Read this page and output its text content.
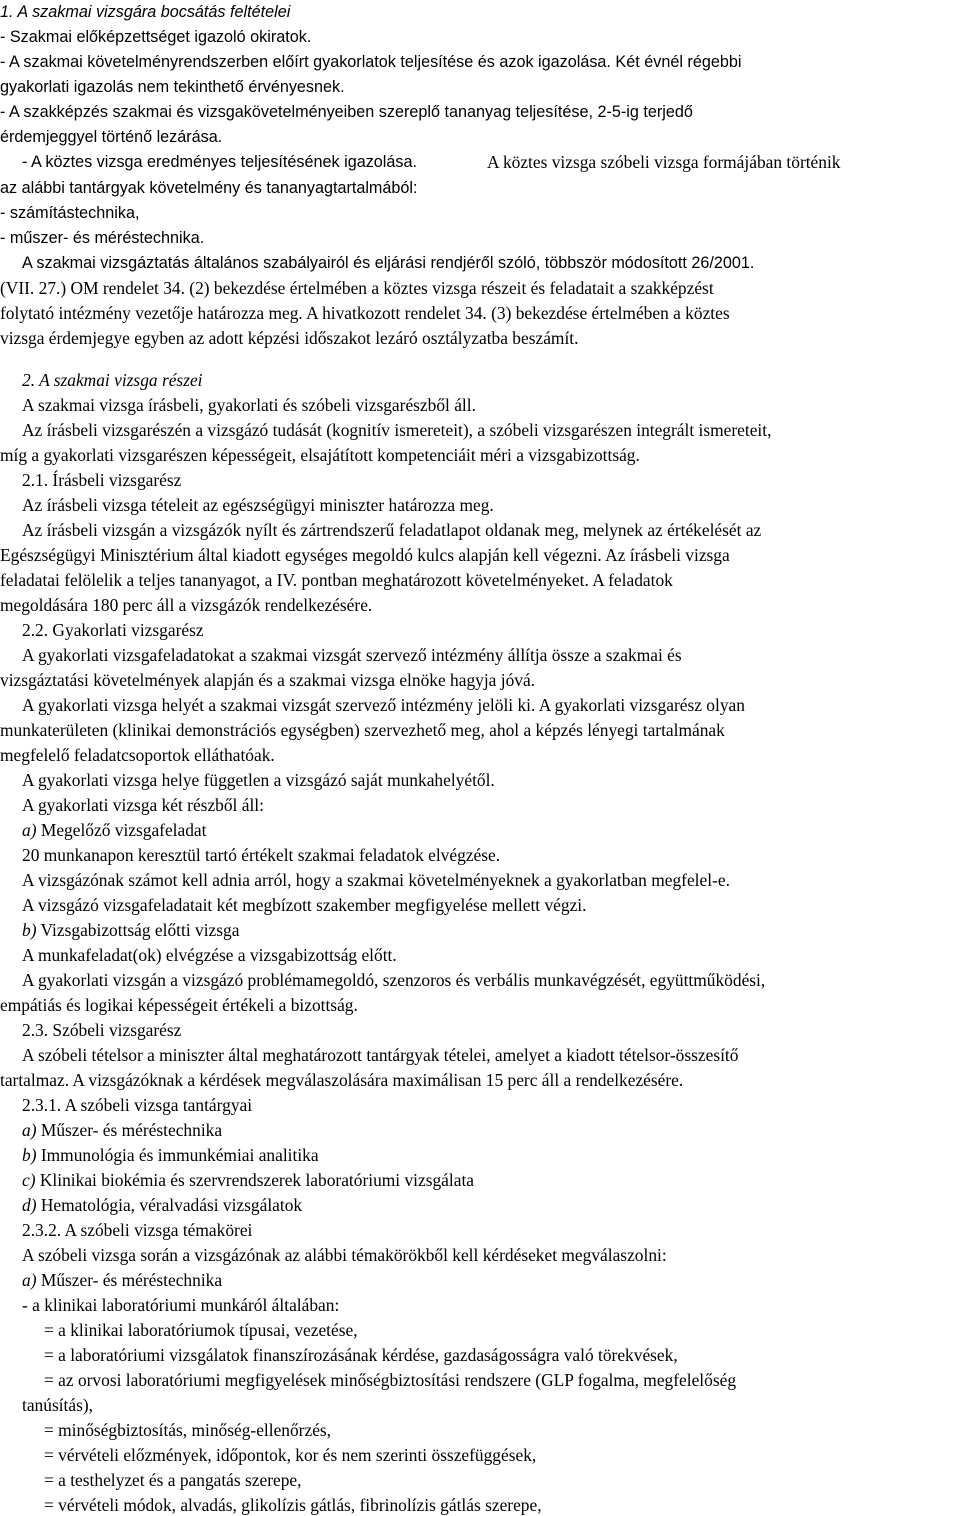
1. A szakmai vizsgára bocsátás feltételei
- Szakmai előképzettséget igazoló okiratok.
- A szakmai követelményrendszerben előírt gyakorlatok teljesítése és azok igazolása. Két évnél régebbi
gyakorlati igazolás nem tekinthető érvényesnek.
- A szakképzés szakmai és vizsgakövetelményeiben szereplő tananyag teljesítése, 2-5-ig terjedő
érdemjeggyel történő lezárása.
- A köztes vizsga eredményes teljesítésének igazolása.	A köztes vizsga szóbeli vizsga formájában történik
az alábbi tantárgyak követelmény és tananyagtartalmából:
- számítástechnika,
- műszer- és méréstechnika.
A szakmai vizsgáztatás általános szabályairól és eljárási rendjéről szóló, többször módosított 26/2001.
(VII. 27.) OM rendelet 34. (2) bekezdése értelmében a köztes vizsga részeit és feladatait a szakképzést
folytató intézmény vezetője határozza meg. A hivatkozott rendelet 34. (3) bekezdése értelmében a köztes
vizsga érdemjegye egyben az adott képzési időszakot lezáró osztályzatba beszámít.
2. A szakmai vizsga részei
A szakmai vizsga írásbeli, gyakorlati és szóbeli vizsgarészből áll.
Az írásbeli vizsgarészén a vizsgázó tudását (kognitív ismereteit), a szóbeli vizsgarészen integrált ismereteit,
míg a gyakorlati vizsgarészen képességeit, elsajátított kompetenciáit méri a vizsgabizottság.
2.1. Írásbeli vizsgarész
Az írásbeli vizsga tételeit az egészségügyi miniszter határozza meg.
Az írásbeli vizsgán a vizsgázók nyílt és zártrendszerű feladatlapot oldanak meg, melynek az értékelését az
Egészségügyi Minisztérium által kiadott egységes megoldó kulcs alapján kell végezni. Az írásbeli vizsga
feladatai felölelik a teljes tananyagot, a IV. pontban meghatározott követelményeket. A feladatok
megoldására 180 perc áll a vizsgázók rendelkezésére.
2.2. Gyakorlati vizsgarész
A gyakorlati vizsgafeladatokat a szakmai vizsgát szervező intézmény állítja össze a szakmai és
vizsgáztatási követelmények alapján és a szakmai vizsga elnöke hagyja jóvá.
A gyakorlati vizsga helyét a szakmai vizsgát szervező intézmény jelöli ki. A gyakorlati vizsgarész olyan
munkaterületen (klinikai demonstrációs egységben) szervezhető meg, ahol a képzés lényegi tartalmának
megfelelő feladatcsoportok elláthatóak.
A gyakorlati vizsga helye független a vizsgázó saját munkahelyétől.
A gyakorlati vizsga két részből áll:
a) Megelőző vizsgafeladat
20 munkanapon keresztül tartó értékelt szakmai feladatok elvégzése.
A vizsgázónak számot kell adnia arról, hogy a szakmai követelményeknek a gyakorlatban megfelel-e.
A vizsgázó vizsgafeladatait két megbízott szakember megfigyelése mellett végzi.
b) Vizsgabizottság előtti vizsga
A munkafeladat(ok) elvégzése a vizsgabizottság előtt.
A gyakorlati vizsgán a vizsgázó problémamegoldó, szenzoros és verbális munkavégzését, együttműködési,
empátiás és logikai képességeit értékeli a bizottság.
2.3. Szóbeli vizsgarész
A szóbeli tételsor a miniszter által meghatározott tantárgyak tételei, amelyet a kiadott tételsor-összesítő
tartalmaz. A vizsgázóknak a kérdések megválaszolására maximálisan 15 perc áll a rendelkezésére.
2.3.1. A szóbeli vizsga tantárgyai
a) Műszer- és méréstechnika
b) Immunológia és immunkémiai analitika
c) Klinikai biokémia és szervrendszerek laboratóriumi vizsgálata
d) Hematológia, véralvadási vizsgálatok
2.3.2. A szóbeli vizsga témakörei
A szóbeli vizsga során a vizsgázónak az alábbi témakörökből kell kérdéseket megválaszolni:
a) Műszer- és méréstechnika
- a klinikai laboratóriumi munkáról általában:
= a klinikai laboratóriumok típusai, vezetése,
= a laboratóriumi vizsgálatok finanszírozásának kérdése, gazdaságosságra való törekvések,
= az orvosi laboratóriumi megfigyelések minőségbiztosítási rendszere (GLP fogalma, megfelelőség
tanúsítás),
= minőségbiztosítás, minőség-ellenőrzés,
= vérvételi előzmények, időpontok, kor és nem szerinti összefüggések,
= a testhelyzet és a pangatás szerepe,
= vérvételi módok, alvadás, glikolízis gátlás, fibrinolízis gátlás szerepe,
